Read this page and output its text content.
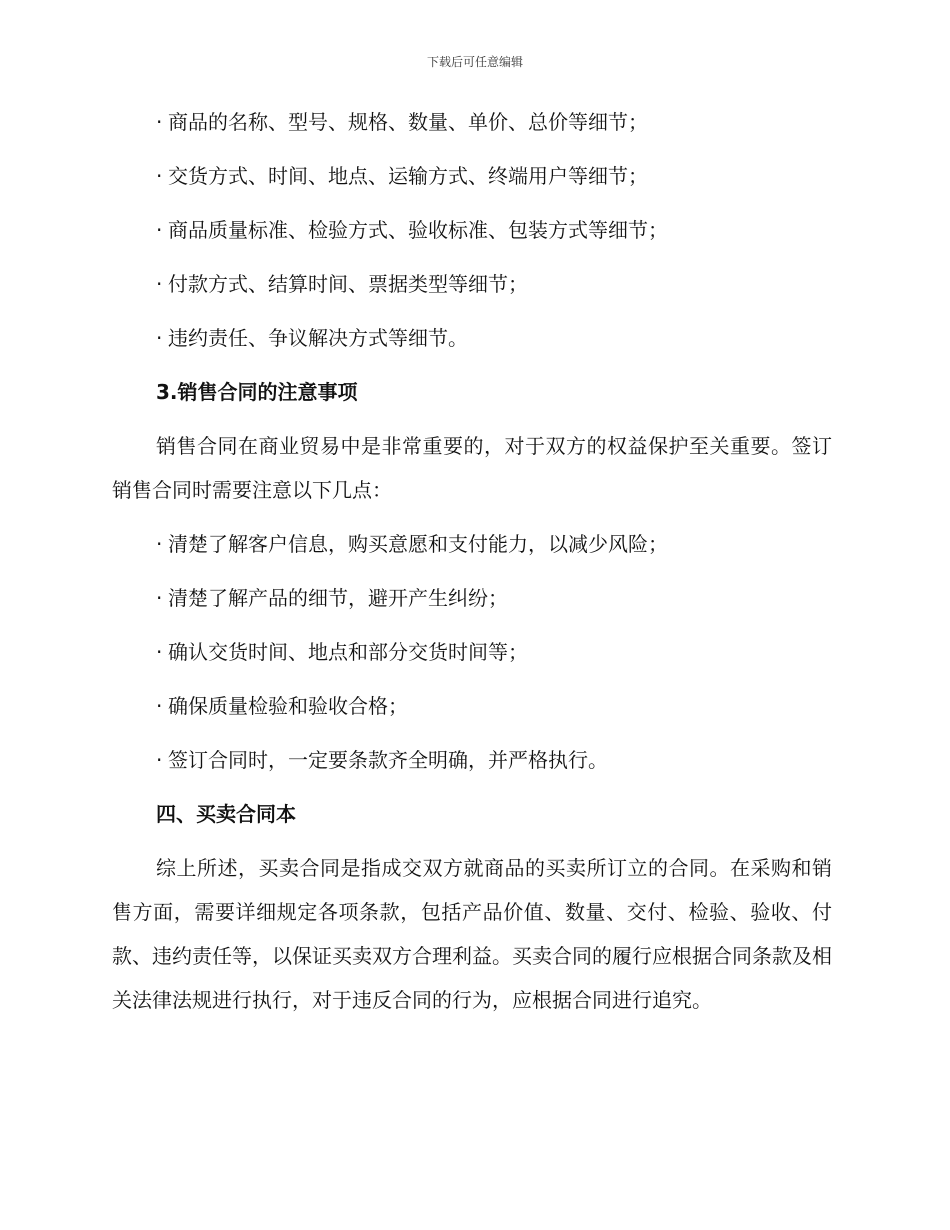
下载后可任意编辑
· 商品的名称、型号、规格、数量、单价、总价等细节；
· 交货方式、时间、地点、运输方式、终端用户等细节；
· 商品质量标准、检验方式、验收标准、包装方式等细节；
· 付款方式、结算时间、票据类型等细节；
· 违约责任、争议解决方式等细节。
3.销售合同的注意事项
销售合同在商业贸易中是非常重要的，对于双方的权益保护至关重要。签订销售合同时需要注意以下几点：
· 清楚了解客户信息，购买意愿和支付能力，以减少风险；
· 清楚了解产品的细节，避开产生纠纷；
· 确认交货时间、地点和部分交货时间等；
· 确保质量检验和验收合格；
· 签订合同时，一定要条款齐全明确，并严格执行。
四、买卖合同本
综上所述，买卖合同是指成交双方就商品的买卖所订立的合同。在采购和销售方面，需要详细规定各项条款，包括产品价值、数量、交付、检验、验收、付款、违约责任等，以保证买卖双方合理利益。买卖合同的履行应根据合同条款及相关法律法规进行执行，对于违反合同的行为，应根据合同进行追究。
